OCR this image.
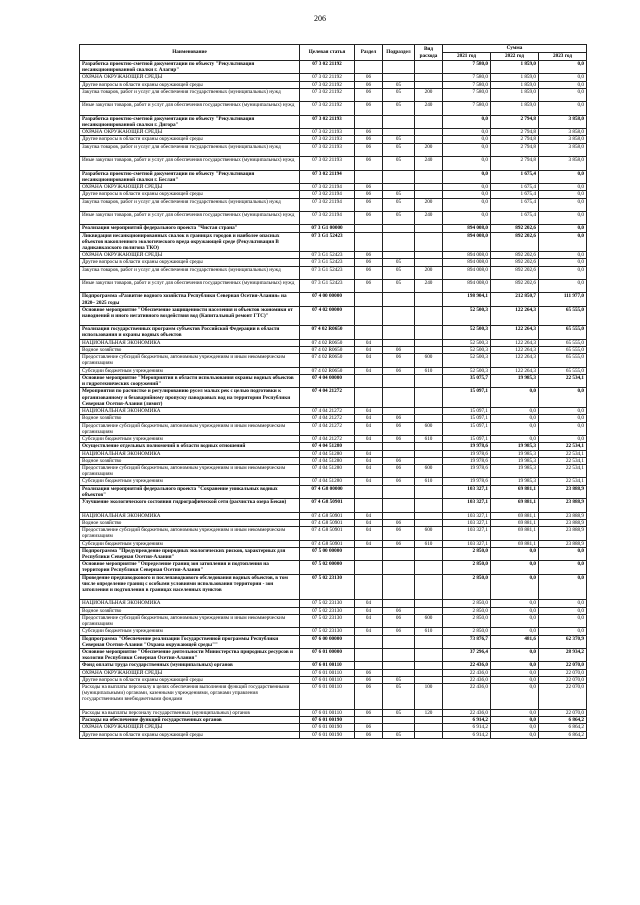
206
Наименование	Целевая статья	Раздел	Подраздел	Вид расхода	Сумма		
					2021 год	2022 год	2023 год
Разработка проектно-сметной документации по объекту "Рекультивация несанкционированной свалки г. Алагир"	07 3 02 21192				7 580,0	1 859,0	0,0
ОХРАНА ОКРУЖАЮЩЕЙ СРЕДЫ	07 3 02 21192	06			7 580,0	1 859,0	0,0
Другие вопросы в области охраны окружающей среды	07 3 02 21192	06	05		7 580,0	1 859,0	0,0
Закупка товаров, работ и услуг для обеспечения государственных (муниципальных) нужд	07 3 02 21192	06	05	200	7 580,0	1 859,0	0,0
Иные закупки товаров, работ и услуг для обеспечения государственных (муниципальных) нужд	07 3 02 21192	06	05	240	7 580,0	1 859,0	0,0
Разработка проектно-сметной документации по объекту "Рекультивация несанкционированной свалки г. Дигора"	07 3 02 21193				0,0	2 794,8	3 858,0
ОХРАНА ОКРУЖАЮЩЕЙ СРЕДЫ	07 3 02 21193	06			0,0	2 794,8	3 858,0
Другие вопросы в области охраны окружающей среды	07 3 02 21193	06	05		0,0	2 794,8	3 858,0
Закупка товаров, работ и услуг для обеспечения государственных (муниципальных) нужд	07 3 02 21193	06	05	200	0,0	2 794,8	3 858,0
Иные закупки товаров, работ и услуг для обеспечения государственных (муниципальных) нужд	07 3 02 21193	06	05	240	0,0	2 794,8	3 858,0
Разработка проектно-сметной документации по объекту "Рекультивация несанкционированной свалки г. Беслан"	07 3 02 21194				0,0	1 675,4	0,0
ОХРАНА ОКРУЖАЮЩЕЙ СРЕДЫ	07 3 02 21194	06			0,0	1 675,4	0,0
Другие вопросы в области охраны окружающей среды	07 3 02 21194	06	05		0,0	1 675,4	0,0
Закупка товаров, работ и услуг для обеспечения государственных (муниципальных) нужд	07 3 02 21194	06	05	200	0,0	1 675,4	0,0
Иные закупки товаров, работ и услуг для обеспечения государственных (муниципальных) нужд	07 3 02 21194	06	05	240	0,0	1 675,4	0,0
Реализация мероприятий федерального проекта "Чистая страна"	07 3 G1 00000				894 008,0	892 202,6	0,0
Ликвидация несанкционированных свалок в границах городов и наиболее опасных объектов накопленного экологического вреда окружающей среде (Рекультивация В ладикавказского полигона ТКО)	07 3 G1 52423				894 008,0	892 202,6	0,0
ОХРАНА ОКРУЖАЮЩЕЙ СРЕДЫ	07 3 G1 52423	06			894 008,0	892 202,6	0,0
Другие вопросы в области охраны окружающей среды	07 3 G1 52423	06	05		894 008,0	892 202,6	0,0
Закупка товаров, работ и услуг для обеспечения государственных (муниципальных) нужд	07 3 G1 52423	06	05	200	894 008,0	892 202,6	0,0
Иные закупки товаров, работ и услуг для обеспечения государственных (муниципальных) нужд	07 3 G1 52423	06	05	240	894 008,0	892 202,6	0,0
Подпрограмма «Развитие водного хозяйства Республики Северная Осетия-Алания» на 2020– 2025 годы	07 4 00 00000				198 904,1	212 850,7	111 977,0
Основное мероприятие "Обеспечение защищенности населения и объектов экономики от наводнений и иного негативного воздействия вод (Капитальный ремонт ГТС)"	07 4 02 00000				52 500,3	122 264,3	65 555,0
Реализация государственных программ субъектов Российской Федерации в области использования и охраны водных объектов	07 4 02 R0650				52 500,3	122 264,3	65 555,0
НАЦИОНАЛЬНАЯ ЭКОНОМИКА	07 4 02 R0650	04			52 500,3	122 264,3	65 555,0
Водное хозяйство	07 4 02 R0650	04	06		52 500,3	122 264,3	65 555,0
Предоставление субсидий бюджетным, автономным учреждениям и иным некоммерческим организациям	07 4 02 R0650	04	06	600	52 500,3	122 264,3	65 555,0
Субсидии бюджетным учреждениям	07 4 02 R0650	04	06	610	52 500,3	122 264,3	65 555,0
Основное мероприятие "Мероприятия в области использования охраны водных объектов и гидротехнических сооружений"	07 4 04 00000				35 075,7	19 985,3	22 534,1
Мероприятия по расчистке и регулированию русел малых рек с целью подготовки к организованному и безаварийному пропуску паводковых вод на территории Республики Северная Осетия-Алания (лимит)	07 4 04 21272				15 097,1	0,0	0,0
НАЦИОНАЛЬНАЯ ЭКОНОМИКА	07 4 04 21272	04			15 097,1	0,0	0,0
Водное хозяйство	07 4 04 21272	04	06		15 097,1	0,0	0,0
Предоставление субсидий бюджетным, автономным учреждениям и иным некоммерческим организациям	07 4 04 21272	04	06	600	15 097,1	0,0	0,0
Субсидии бюджетным учреждениям	07 4 04 21272	04	06	610	15 097,1	0,0	0,0
Осуществление отдельных полномочий в области водных отношений	07 4 04 51280				19 978,6	19 985,3	22 534,1
НАЦИОНАЛЬНАЯ ЭКОНОМИКА	07 4 04 51280	04			19 978,6	19 985,3	22 534,1
Водное хозяйство	07 4 04 51280	04	06		19 978,6	19 985,3	22 534,1
Предоставление субсидий бюджетным, автономным учреждениям и иным некоммерческим организациям	07 4 04 51280	04	06	600	19 978,6	19 985,3	22 534,1
Субсидии бюджетным учреждениям	07 4 04 51280	04	06	610	19 978,6	19 985,3	22 534,1
Реализация мероприятий федерального проекта "Сохранение уникальных водных объектов"	07 4 G8 00000				103 327,1	69 881,1	23 888,9
Улучшение экологического состояния гидрографической сети (расчистка озера Бекан)	07 4 G8 50901				103 327,1	69 881,1	23 888,9
НАЦИОНАЛЬНАЯ ЭКОНОМИКА	07 4 G8 50901	04			103 327,1	69 881,1	23 888,9
Водное хозяйство	07 4 G8 50901	04	06		103 327,1	69 881,1	23 888,9
Предоставление субсидий бюджетным, автономным учреждениям и иным некоммерческим организациям	07 4 G8 50901	04	06	600	103 327,1	69 881,1	23 888,9
Субсидии бюджетным учреждениям	07 4 G8 50901	04	06	610	103 327,1	69 881,1	23 888,9
Подпрограмма "Предупреждение природных экологических рисков, характерных для Республики Северная Осетия-Алания"	07 5 00 00000				2 850,0	0,0	0,0
Основное мероприятие "Определение границ зон затопления и подтопления на территории Республики Северная Осетия-Алания"	07 5 02 00000				2 850,0	0,0	0,0
Проведение предпаводкового и послепаводкового обследования водных объектов, в том числе определение границ с особыми условиями использования территории - зон затопления и подтопления в границах населенных пунктов	07 5 02 23130				2 850,0	0,0	0,0
НАЦИОНАЛЬНАЯ ЭКОНОМИКА	07 5 02 23130	04			2 850,0	0,0	0,0
Водное хозяйство	07 5 02 23130	04	06		2 850,0	0,0	0,0
Предоставление субсидий бюджетным, автономным учреждениям и иным некоммерческим организациям	07 5 02 23130	04	06	600	2 850,0	0,0	0,0
Субсидии бюджетным учреждениям	07 5 02 23130	04	06	610	2 850,0	0,0	0,0
Подпрограмма "Обеспечение реализации Государственной программы Республики Северная Осетия-Алания "Охрана окружающей среды""	07 6 00 00000				73 876,7	481,6	62 370,9
Основное мероприятие "Обеспечение деятельности Министерства природных ресурсов и экологии Республики Северная Осетия-Алания"	07 6 01 00000				37 296,4	0,0	28 934,2
Фонд оплаты труда государственных (муниципальных) органов	07 6 01 00110				22 436,0	0,0	22 070,0
ОХРАНА ОКРУЖАЮЩЕЙ СРЕДЫ	07 6 01 00110	06			22 436,0	0,0	22 070,0
Другие вопросы в области охраны окружающей среды	07 6 01 00110	06	05		22 436,0	0,0	22 070,0
Расходы на выплаты персоналу в целях обеспечения выполнения функций государственными (муниципальными) органами, казенными учреждениями, органами управления государственными внебюджетными фондами	07 6 01 00110	06	05	100	22 436,0	0,0	22 070,0
Расходы на выплаты персоналу государственных (муниципальных) органов	07 6 01 00110	06	05	120	22 436,0	0,0	22 070,0
Расходы на обеспечение функций государственных органов	07 6 01 00190				6 914,2	0,0	6 864,2
ОХРАНА ОКРУЖАЮЩЕЙ СРЕДЫ	07 6 01 00190	06			6 914,2	0,0	6 864,2
Другие вопросы в области охраны окружающей среды	07 6 01 00190	06	05		6 914,2	0,0	6 864,2
